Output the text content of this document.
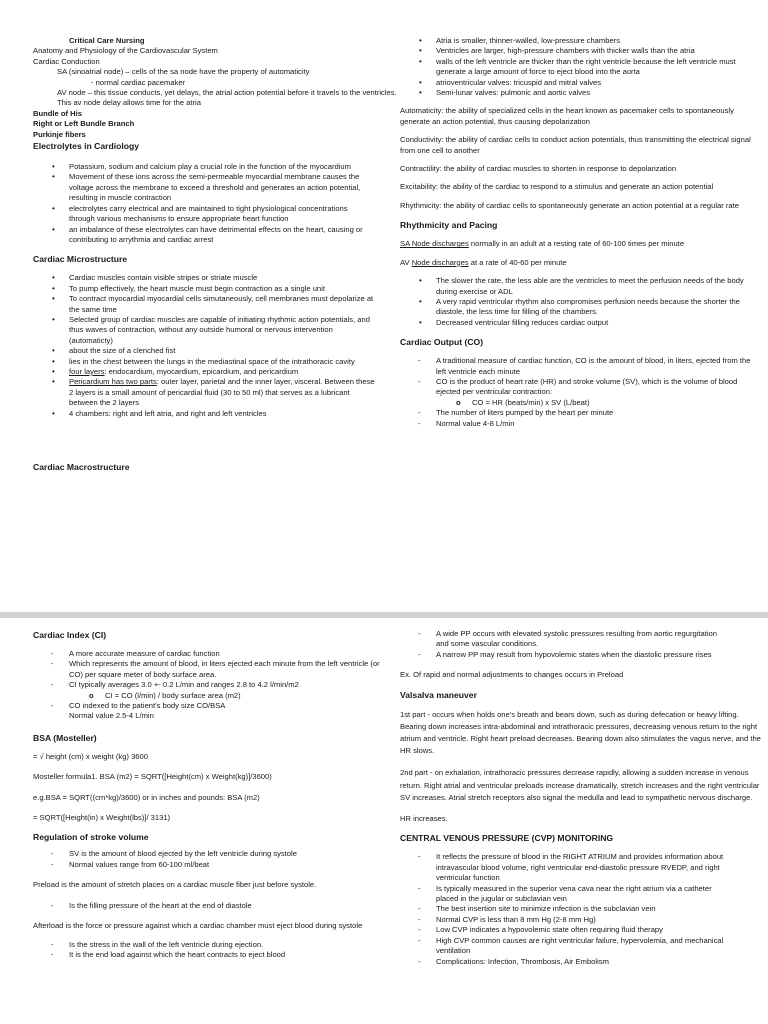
Critical Care Nursing

Anatomy and Physiology of the Cardiovascular System

Cardiac Conduction

SA (sinoatrial node) – cells of the sa node have the property of automaticity

- normal cardiac pacemaker

AV node – this tissue conducts, yet delays, the atrial action potential before it travels to the ventricles. This av node delay allows time for the atria

Bundle of His

Right or Left Bundle Branch

Purkinje fibers

Electrolytes in Cardiology

• Potassium, sodium and calcium play a crucial role in the function of the myocardium
• Movement of these ions across the semi-permeable myocardial membrane causes the voltage across the membrane to exceed a threshold and generates an action potential, resulting in muscle contraction
• electrolytes carry electrical and are maintained to tight physiological concentrations through various mechanisms to ensure appropriate heart function
• an imbalance of these electrolytes can have detrimental effects on the heart, causing or contributing to arrythmia and cardiac arrest

Cardiac Microstructure

• Cardiac muscles contain visible stripes or striate muscle
• To pump effectively, the heart muscle must begin contraction as a single unit
• To contract myocardial myocardial cells simutaneously, cell membranes must depolarize at the same time
• Selected group of cardiac muscles are capable of initiating rhythmic action potentials, and thus waves of contraction, without any outside humoral or nervous intervention (automaticty)
• about the size of a clenched fist
• lies in the chest between the lungs in the mediastinal space of the intrathoracic cavity
• four layers: endocardium, myocardium, epicardium, and pericardium
• Pericardium has two parts: outer layer, parietal and the inner layer, visceral. Between these 2 layers is a small amount of pericardial fluid (30 to 50 ml) that serves as a lubricant between the 2 layers
• 4 chambers: right and left atria, and right and left ventricles

Cardiac Macrostructure

• Atria is smaller, thinner-walled, low-pressure chambers
• Ventricles are larger, high-pressure chambers with thicker walls than the atria
• walls of the left ventricle are thicker than the right ventricle because the left ventricle must generate a large amount of force to eject blood into the aorta
• atrioventricular valves: tricuspid and mitral valves
• Semi-lunar valves: pulmonic and aortic valves

Automaticity: the ability of specialized cells in the heart known as pacemaker cells to spontaneously generate an action potential, thus causing depolarization

Conductivity: the ability of cardiac cells to conduct action potentials, thus transmitting the electrical signal from one cell to another

Contractility: the ability of cardiac muscles to shorten in response to depolarization

Excitability: the ability of the cardiac to respond to a stimulus and generate an action potential

Rhythmicity: the ability of cardiac cells to spontaneously generate an action potential at a regular rate

Rhythmicity and Pacing

SA Node discharges normally in an adult at a resting rate of 60-100 times per minute

AV Node discharges at a rate of 40-60 per minute

• The slower the rate, the less able are the ventricles to meet the perfusion needs of the body during exercise or ADL
• A very rapid ventricular rhythm also compromises perfusion needs because the shorter the diastole, the less time for filling of the chambers.
• Decreased ventricular filling reduces cardiac output

Cardiac Output (CO)

- A traditional measure of cardiac function, CO is the amount of blood, in liters, ejected from the left ventricle each minute
- CO is the product of heart rate (HR) and stroke volume (SV), which is the volume of blood ejected per ventricular contraction:
o CO = HR (beats/min) x SV (L/beat)
- The number of liters pumped by the heart per minute
- Normal value 4-8 L/min

Cardiac Index (CI)

- A more accurate measure of cardiac function
- Which represents the amount of blood, in liters ejected each minute from the left ventricle (or CO) per square meter of body surface area.
- CI typically averages 3.0 +- 0.2 L/min and ranges 2.8 to 4.2 l/min/m2
o CI = CO (l/min) / body surface area (m2)
- CO indexed to the patient's body size CO/BSA

Normal value 2.5-4 L/min

BSA (Mosteller)

= √ height (cm) x weight (kg) 3600

Mosteller formula1. BSA (m2) = SQRT([Height(cm) x Weight(kg)]/3600)

e.g.BSA = SQRT((cm*kg)/3600) or in inches and pounds: BSA (m2)

= SQRT([Height(in) x Weight(lbs)]/ 3131)

Regulation of stroke volume

- SV is the amount of blood ejected by the left ventricle during systole
- Normal values range from 60-100 ml/beat

Preload is the amount of stretch places on a cardiac muscle fiber just before systole.

- Is the filling pressure of the heart at the end of diastole

Afterload is the force or pressure against which a cardiac chamber must eject blood during systole

- Is the stress in the wall of the left ventricle during ejection.
- It is the end load against which the heart contracts to eject blood
- A wide PP occurs with elevated systolic pressures resulting from aortic regurgitation and some vascular conditions.
- A narrow PP may result from hypovolemic states when the diastolic pressure rises

Ex. Of rapid and normal adjustments to changes occurs in Preload

Valsalva maneuver

1st part - occurs when holds one's breath and bears down, such as during defecation or heavy lifting. Bearing down increases intra-abdominal and intrathoracic pressures, decreasing venous return to the right atrium and ventricle. Right heart preload decreases. Bearing down also stimulates the vagus nerve, and the HR slows.

2nd part - on exhalation, intrathoracic pressures decrease rapidly, allowing a sudden increase in venous return. Right atrial and ventricular preloads increase dramatically, stretch increases and the right ventricular SV increases. Atrial stretch receptors also signal the medulla and lead to sympathetic nervous discharge.

HR increases.

CENTRAL VENOUS PRESSURE (CVP) MONITORING

- It reflects the pressure of blood in the RIGHT ATRIUM and provides information about intravascular blood volume, right ventricular end-diastolic pressure RVEDP, and right ventricular function
- Is typically measured in the superior vena cava near the right atrium via a catheter placed in the jugular or subclavian vein
- The best insertion site to minimize infection is the subclavian vein
- Normal CVP is less than 8 mm Hg (2-8 mm Hg)
- Low CVP indicates a hypovolemic state often requiring fluid therapy
- High CVP common causes are right ventricular failure, hypervolemia, and mechanical ventilation
- Complications: Infection, Thrombosis, Air Embolism
